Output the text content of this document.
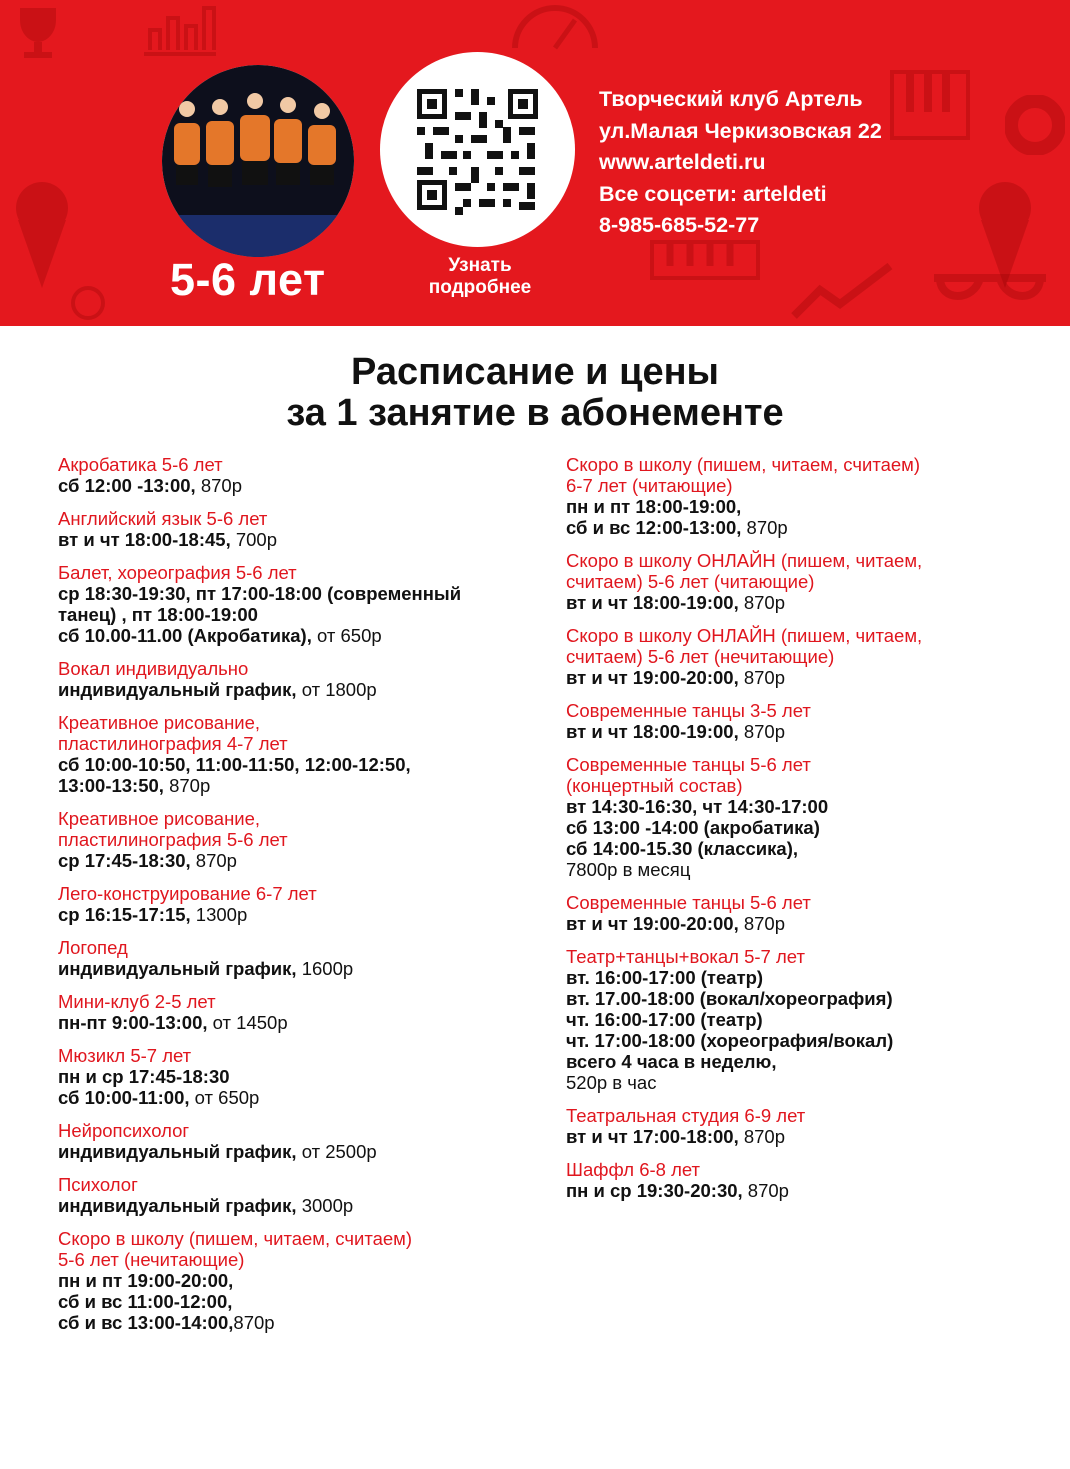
5-6 лет	Узнать подробнее
Творческий клуб Артель
ул.Малая Черкизовская 22
www.arteldeti.ru
Все соцсети: arteldeti
8-985-685-52-77
Расписание и цены
за 1 занятие в абонементе
Акробатика 5-6 лет
сб 12:00 -13:00, 870р
Английский язык 5-6 лет
вт и чт 18:00-18:45, 700р
Балет, хореография 5-6 лет
ср 18:30-19:30, пт 17:00-18:00 (современный
танец) , пт 18:00-19:00
сб 10.00-11.00 (Акробатика), от 650р
Вокал индивидуально
индивидуальный график, от 1800р
Креативное рисование,
пластилинография 4-7 лет
сб 10:00-10:50, 11:00-11:50, 12:00-12:50,
13:00-13:50, 870р
Креативное рисование,
пластилинография 5-6 лет
ср 17:45-18:30, 870р
Лего-конструирование 6-7 лет
ср 16:15-17:15, 1300р
Логопед
индивидуальный график, 1600р
Мини-клуб 2-5 лет
пн-пт 9:00-13:00, от 1450р
Мюзикл 5-7 лет
пн и ср 17:45-18:30
сб 10:00-11:00, от 650р
Нейропсихолог
индивидуальный график, от 2500р
Психолог
индивидуальный график, 3000р
Скоро в школу (пишем, читаем, считаем)
5-6 лет (нечитающие)
пн и пт 19:00-20:00,
сб и вс 11:00-12:00,
сб и вс 13:00-14:00,870р
Скоро в школу (пишем, читаем, считаем)
6-7 лет (читающие)
пн и пт 18:00-19:00,
сб и вс 12:00-13:00, 870р
Скоро в школу ОНЛАЙН (пишем, читаем,
считаем) 5-6 лет (читающие)
вт и чт 18:00-19:00, 870р
Скоро в школу ОНЛАЙН (пишем, читаем,
считаем) 5-6 лет (нечитающие)
вт и чт 19:00-20:00, 870р
Современные танцы 3-5 лет
вт и чт 18:00-19:00, 870р
Современные танцы 5-6 лет
(концертный состав)
вт 14:30-16:30, чт 14:30-17:00
сб 13:00 -14:00 (акробатика)
сб 14:00-15.30 (классика),
7800р в месяц
Современные танцы 5-6 лет
вт и чт 19:00-20:00, 870р
Театр+танцы+вокал 5-7 лет
вт. 16:00-17:00 (театр)
вт. 17.00-18:00 (вокал/хореография)
чт. 16:00-17:00 (театр)
чт. 17:00-18:00 (хореография/вокал)
всего 4 часа в неделю,
520р в час
Театральная студия 6-9 лет
вт и чт 17:00-18:00, 870р
Шаффл 6-8 лет
пн и ср 19:30-20:30, 870р
